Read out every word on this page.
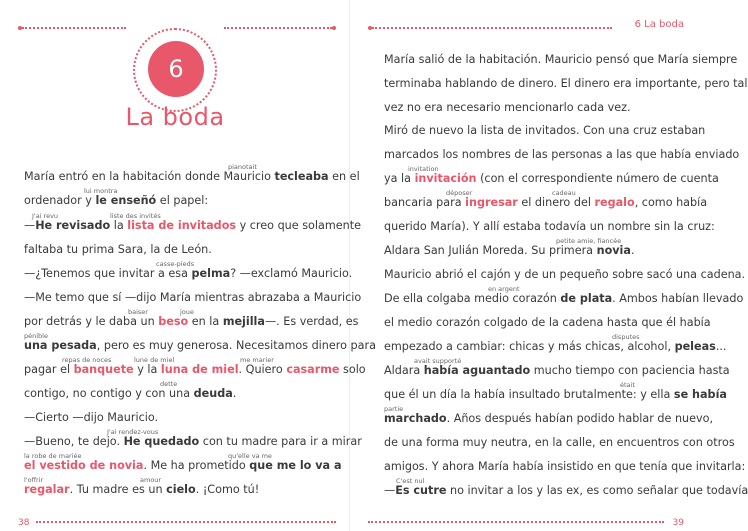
6
La boda
María entró en la habitación donde Mauricio tecleaba en el
ordenador y le enseñó el papel:
—He revisado la lista de invitados y creo que solamente
faltaba tu prima Sara, la de León.
—¿Tenemos que invitar a esa pelma? —exclamó Mauricio.
—Me temo que sí —dijo María mientras abrazaba a Mauricio
por detrás y le daba un beso en la mejilla—. Es verdad, es
una pesada, pero es muy generosa. Necesitamos dinero para
pagar el banquete y la luna de miel. Quiero casarme solo
contigo, no contigo y con una deuda.
—Cierto —dijo Mauricio.
—Bueno, te dejo. He quedado con tu madre para ir a mirar
el vestido de novia. Me ha prometido que me lo va a
regalar. Tu madre es un cielo. ¡Como tú!
pianotait
lui montra
J'ai revu	liste des invités
casse-pieds
baiser	joue
pénible
repas de noces	lune de miel	me marier
dette
J'ai rendez-vous
la robe de mariée	qu'elle va me
l'offrir	amour
38
6 La boda
María salió de la habitación. Mauricio pensó que María siempre
terminaba hablando de dinero. El dinero era importante, pero tal
vez no era necesario mencionarlo cada vez.
Miró de nuevo la lista de invitados. Con una cruz estaban
marcados los nombres de las personas a las que había enviado
ya la invitación (con el correspondiente número de cuenta
bancaria para ingresar el dinero del regalo, como había
querido María). Y allí estaba todavía un nombre sin la cruz:
Aldara San Julián Moreda. Su primera novia.
Mauricio abrió el cajón y de un pequeño sobre sacó una cadena.
De ella colgaba medio corazón de plata. Ambos habían llevado
el medio corazón colgado de la cadena hasta que él había
empezado a cambiar: chicas y más chicas, alcohol, peleas...
Aldara había aguantado mucho tiempo con paciencia hasta
que él un día la había insultado brutalmente: y ella se había
marchado. Años después habían podido hablar de nuevo,
de una forma muy neutra, en la calle, en encuentros con otros
amigos. Y ahora María había insistido en que tenía que invitarla:
—Es cutre no invitar a los y las ex, es como señalar que todavía
invitation
déposer	cadeau
petite amie, fiancée
en argent
disputes
avait supporté
était
partie
C'est nul
39
